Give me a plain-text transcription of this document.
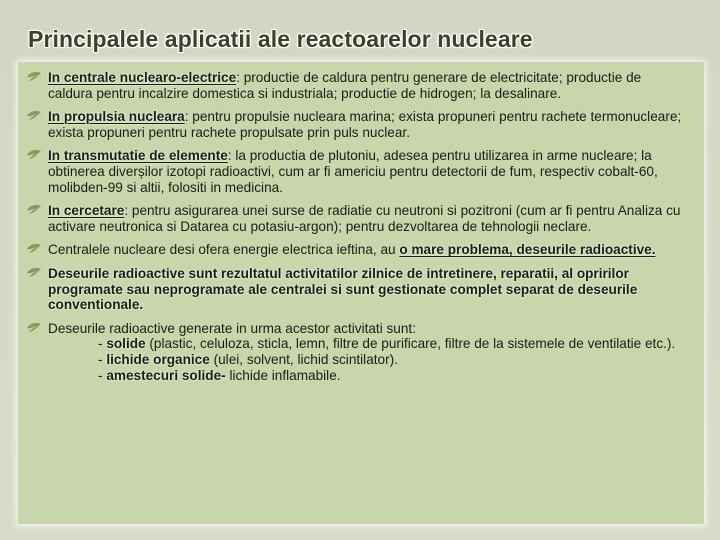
Principalele aplicatii ale reactoarelor nucleare
In centrale nuclearo-electrice: productie de caldura pentru generare de electricitate; productie de caldura pentru incalzire domestica si industriala; productie de hidrogen; la desalinare.
In propulsia nucleara: pentru propulsie nucleara marina; exista propuneri pentru rachete termonucleare; exista propuneri pentru rachete propulsate prin puls nuclear.
In transmutatie de elemente: la productia de plutoniu, adesea pentru utilizarea in arme nucleare; la obtinerea diverșilor izotopi radioactivi, cum ar fi americiu pentru detectorii de fum, respectiv cobalt-60, molibden-99 si altii, folositi in medicina.
In cercetare: pentru asigurarea unei surse de radiatie cu neutroni si pozitroni (cum ar fi pentru Analiza cu activare neutronica si Datarea cu potasiu-argon); pentru dezvoltarea de tehnologii neclare.
Centralele nucleare desi ofera energie electrica ieftina, au o mare problema, deseurile radioactive.
Deseurile radioactive sunt rezultatul activitatilor zilnice de intretinere, reparatii, al opririlor programate sau neprogramate ale centralei si sunt gestionate complet separat de deseurile conventionale.
Deseurile radioactive generate in urma acestor activitati sunt:
- solide (plastic, celuloza, sticla, lemn, filtre de purificare, filtre de la sistemele de ventilatie etc.).
- lichide organice (ulei, solvent, lichid scintilator).
- amestecuri solide- lichide inflamabile.
